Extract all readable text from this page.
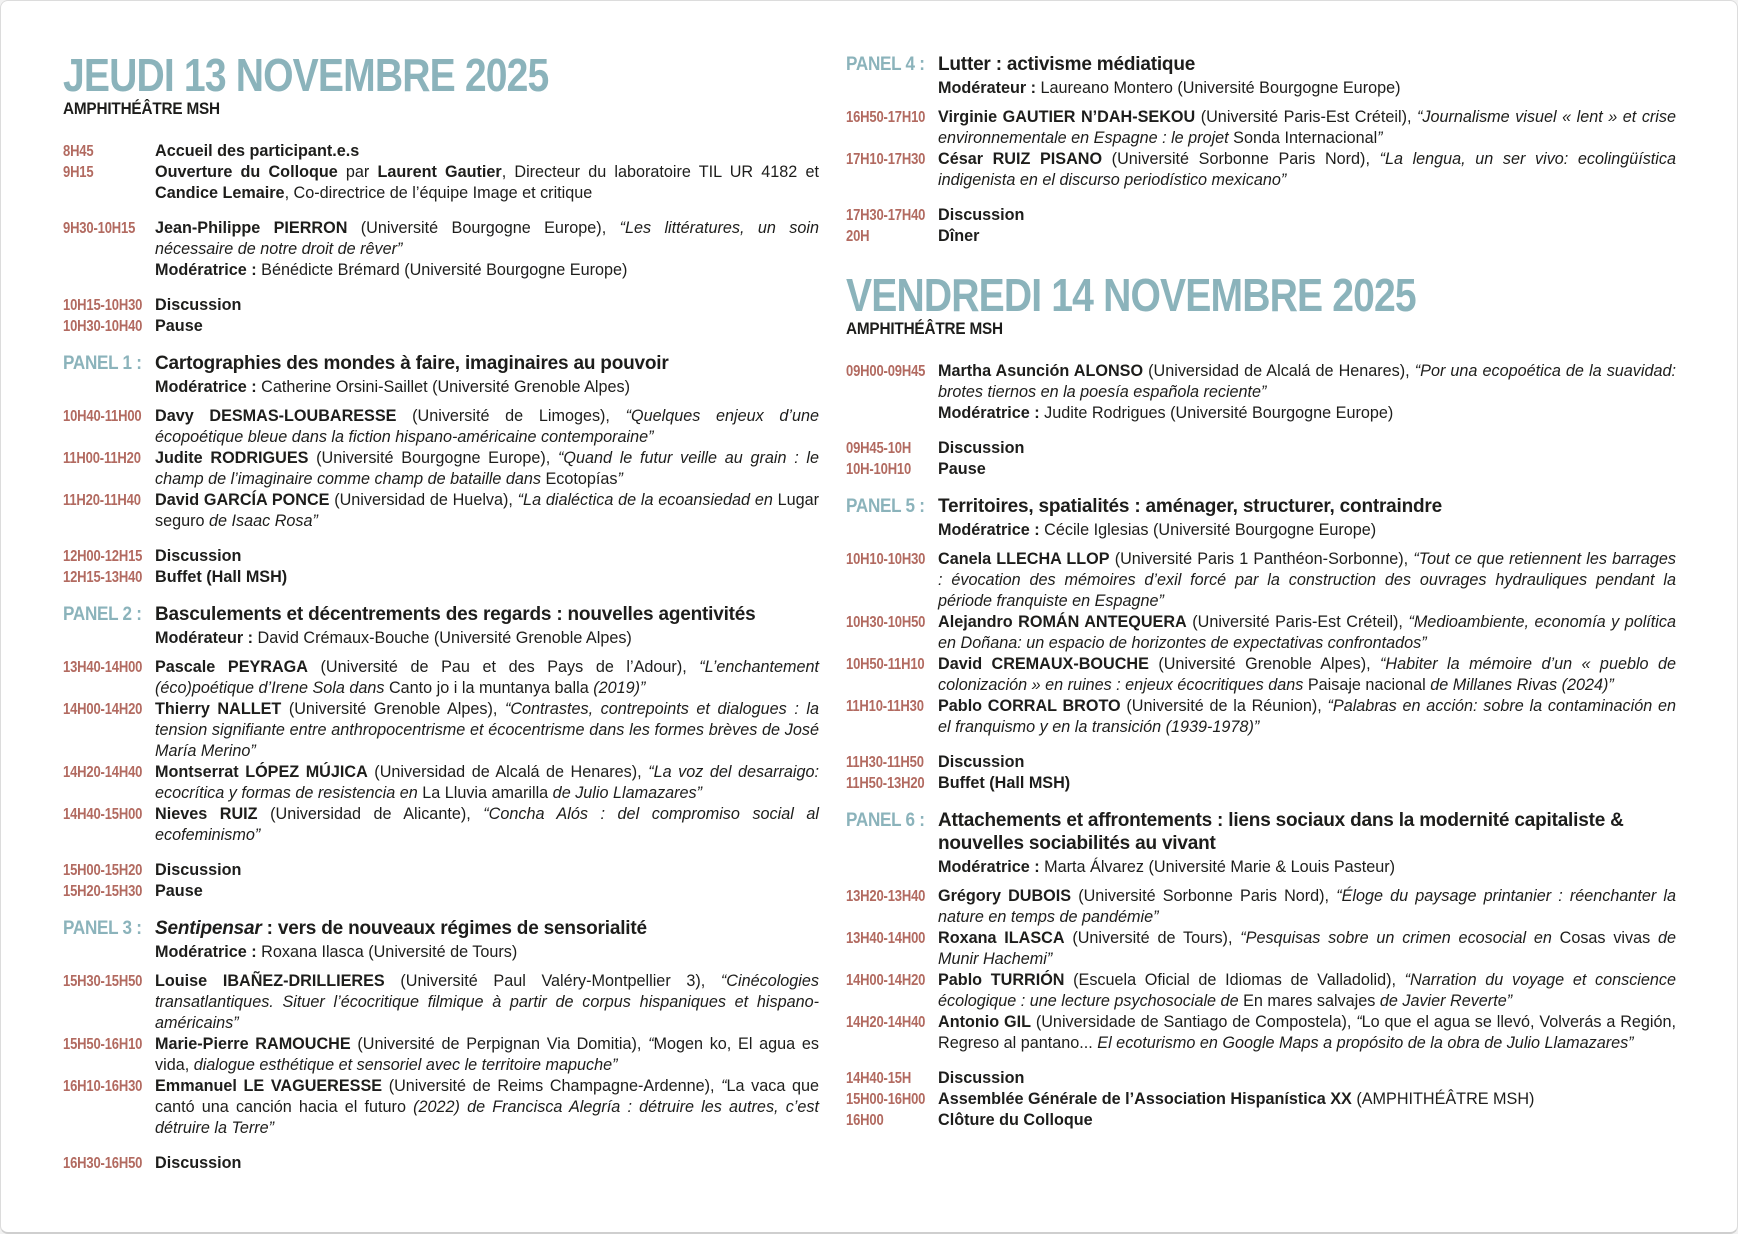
JEUDI 13 NOVEMBRE 2025
AMPHITHÉÂTRE MSH
8H45	Accueil des participant.e.s

9H15	Ouverture du Colloque par Laurent Gautier, Directeur du laboratoire TIL UR 4182 et Candice Lemaire, Co-directrice de l’équipe Image et critique

9H30-10H15	Jean-Philippe PIERRON (Université Bourgogne Europe), “Les littératures, un soin nécessaire de notre droit de rêver”

Modératrice : Bénédicte Brémard (Université Bourgogne Europe)

10H15-10H30 Discussion

10H30-10H40 Pause

PANEL 1 : Cartographies des mondes à faire, imaginaires au pouvoir
Modératrice : Catherine Orsini-Saillet (Université Grenoble Alpes)
10H40-11H00 Davy DESMAS-LOUBARESSE (Université de Limoges), “Quelques enjeux d’une écopoétique bleue dans la fiction hispano-américaine contemporaine”

11H00-11H20 Judite RODRIGUES (Université Bourgogne Europe), “Quand le futur veille au grain : le champ de l’imaginaire comme champ de bataille dans Ecotopías”

11H20-11H40 David GARCÍA PONCE (Universidad de Huelva), “La dialéctica de la ecoansiedad en Lugar seguro de Isaac Rosa”

12H00-12H15 Discussion

12H15-13H40 Buffet (Hall MSH)

PANEL 2 : Basculements et décentrements des regards : nouvelles agentivités
Modérateur : David Crémaux-Bouche (Université Grenoble Alpes)
13H40-14H00 Pascale PEYRAGA (Université de Pau et des Pays de l’Adour), “L’enchantement (éco)poétique d’Irene Sola dans Canto jo i la muntanya balla (2019)”

14H00-14H20 Thierry NALLET (Université Grenoble Alpes), “Contrastes, contrepoints et dialogues : la tension signifiante entre anthropocentrisme et écocentrisme dans les formes brèves de José María Merino”

14H20-14H40 Montserrat LÓPEZ MÚJICA (Universidad de Alcalá de Henares), “La voz del desarraigo: ecocrítica y formas de resistencia en La Lluvia amarilla de Julio Llamazares”

14H40-15H00 Nieves RUIZ (Universidad de Alicante), “Concha Alós : del compromiso social al ecofeminismo”

15H00-15H20 Discussion

15H20-15H30 Pause

PANEL 3 : Sentipensar : vers de nouveaux régimes de sensorialité
Modératrice : Roxana Ilasca (Université de Tours)
15H30-15H50 Louise IBAÑEZ-DRILLIERES (Université Paul Valéry-Montpellier 3), “Cinécologies transatlantiques. Situer l’écocritique filmique à partir de corpus hispaniques et hispano-américains”

15H50-16H10 Marie-Pierre RAMOUCHE (Université de Perpignan Via Domitia), “Mogen ko, El agua es vida, dialogue esthétique et sensoriel avec le territoire mapuche”

16H10-16H30 Emmanuel LE VAGUERESSE (Université de Reims Champagne-Ardenne), “La vaca que cantó una canción hacia el futuro (2022) de Francisca Alegría : détruire les autres, c’est détruire la Terre”

16H30-16H50 Discussion

PANEL 4 : Lutter : activisme médiatique
Modérateur : Laureano Montero (Université Bourgogne Europe)
16H50-17H10 Virginie GAUTIER N’DAH-SEKOU (Université Paris-Est Créteil), “Journalisme visuel « lent » et crise environnementale en Espagne : le projet Sonda Internacional”

17H10-17H30 César RUIZ PISANO (Université Sorbonne Paris Nord), “La lengua, un ser vivo: ecolingüística indigenista en el discurso periodístico mexicano”

17H30-17H40 Discussion

20H	Dîner

VENDREDI 14 NOVEMBRE 2025
AMPHITHÉÂTRE MSH
09H00-09H45 Martha Asunción ALONSO (Universidad de Alcalá de Henares), “Por una ecopoética de la suavidad: brotes tiernos en la poesía española reciente”

Modératrice : Judite Rodrigues (Université Bourgogne Europe)

09H45-10H	Discussion

10H-10H10	Pause

PANEL 5 : Territoires, spatialités : aménager, structurer, contraindre
Modératrice : Cécile Iglesias (Université Bourgogne Europe)
10H10-10H30 Canela LLECHA LLOP (Université Paris 1 Panthéon-Sorbonne), “Tout ce que retiennent les barrages : évocation des mémoires d’exil forcé par la construction des ouvrages hydrauliques pendant la période franquiste en Espagne”

10H30-10H50 Alejandro ROMÁN ANTEQUERA (Université Paris-Est Créteil), “Medioambiente, economía y política en Doñana: un espacio de horizontes de expectativas confrontados”

10H50-11H10 David CREMAUX-BOUCHE (Université Grenoble Alpes), “Habiter la mémoire d’un « pueblo de colonización » en ruines : enjeux écocritiques dans Paisaje nacional de Millanes Rivas (2024)”

11H10-11H30 Pablo CORRAL BROTO (Université de la Réunion), “Palabras en acción: sobre la contaminación en el franquismo y en la transición (1939-1978)”

11H30-11H50 Discussion

11H50-13H20 Buffet (Hall MSH)

PANEL 6 : Attachements et affrontements : liens sociaux dans la modernité capitaliste & nouvelles sociabilités au vivant
Modératrice : Marta Álvarez (Université Marie & Louis Pasteur)
13H20-13H40 Grégory DUBOIS (Université Sorbonne Paris Nord), “Éloge du paysage printanier : réenchanter la nature en temps de pandémie”

13H40-14H00 Roxana ILASCA (Université de Tours), “Pesquisas sobre un crimen ecosocial en Cosas vivas de Munir Hachemi”

14H00-14H20 Pablo TURRIÓN (Escuela Oficial de Idiomas de Valladolid), “Narration du voyage et conscience écologique : une lecture psychosociale de En mares salvajes de Javier Reverte”

14H20-14H40 Antonio GIL (Universidade de Santiago de Compostela), “Lo que el agua se llevó, Volverás a Región, Regreso al pantano... El ecoturismo en Google Maps a propósito de la obra de Julio Llamazares”

14H40-15H	Discussion

15H00-16H00 Assemblée Générale de l’Association Hispanística XX (AMPHITHÉÂTRE MSH)

16H00	Clôture du Colloque
